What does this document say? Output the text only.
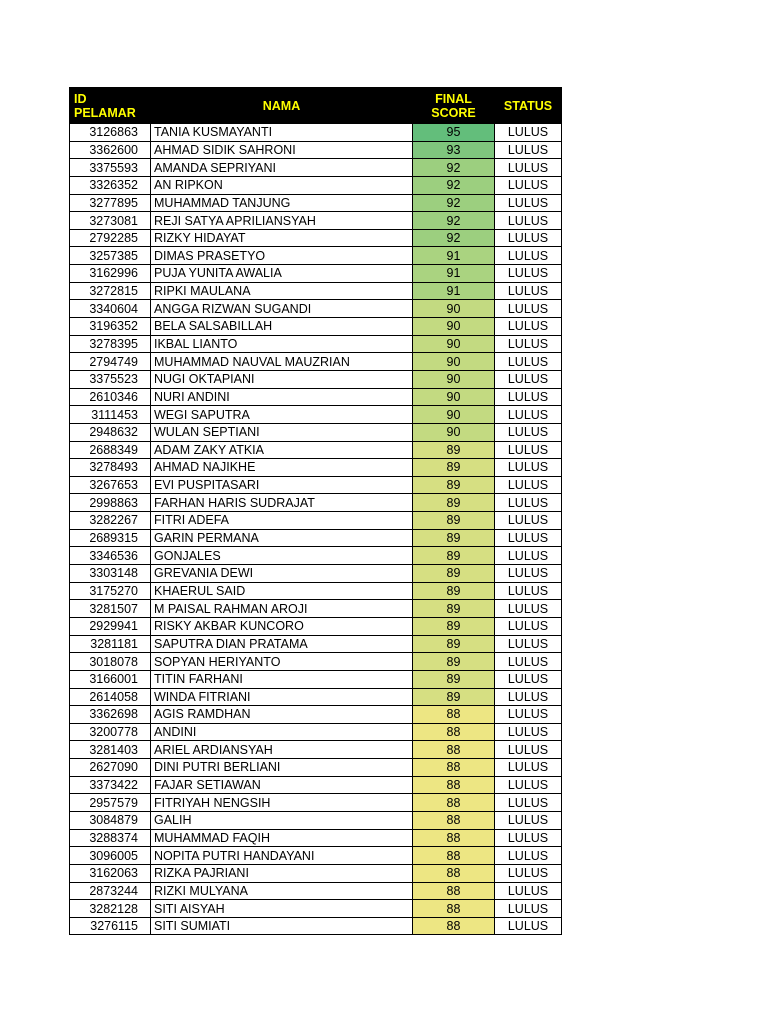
ID PELAMAR	NAMA	FINAL SCORE	STATUS
3126863	TANIA KUSMAYANTI	95	LULUS
3362600	AHMAD SIDIK SAHRONI	93	LULUS
3375593	AMANDA SEPRIYANI	92	LULUS
3326352	AN RIPKON	92	LULUS
3277895	MUHAMMAD TANJUNG	92	LULUS
3273081	REJI SATYA APRILIANSYAH	92	LULUS
2792285	RIZKY HIDAYAT	92	LULUS
3257385	DIMAS PRASETYO	91	LULUS
3162996	PUJA YUNITA AWALIA	91	LULUS
3272815	RIPKI MAULANA	91	LULUS
3340604	ANGGA RIZWAN SUGANDI	90	LULUS
3196352	BELA SALSABILLAH	90	LULUS
3278395	IKBAL LIANTO	90	LULUS
2794749	MUHAMMAD NAUVAL MAUZRIAN	90	LULUS
3375523	NUGI OKTAPIANI	90	LULUS
2610346	NURI ANDINI	90	LULUS
3111453	WEGI SAPUTRA	90	LULUS
2948632	WULAN SEPTIANI	90	LULUS
2688349	ADAM ZAKY ATKIA	89	LULUS
3278493	AHMAD NAJIKHE	89	LULUS
3267653	EVI PUSPITASARI	89	LULUS
2998863	FARHAN HARIS SUDRAJAT	89	LULUS
3282267	FITRI ADEFA	89	LULUS
2689315	GARIN PERMANA	89	LULUS
3346536	GONJALES	89	LULUS
3303148	GREVANIA DEWI	89	LULUS
3175270	KHAERUL SAID	89	LULUS
3281507	M PAISAL RAHMAN AROJI	89	LULUS
2929941	RISKY AKBAR KUNCORO	89	LULUS
3281181	SAPUTRA DIAN PRATAMA	89	LULUS
3018078	SOPYAN HERIYANTO	89	LULUS
3166001	TITIN FARHANI	89	LULUS
2614058	WINDA FITRIANI	89	LULUS
3362698	AGIS RAMDHAN	88	LULUS
3200778	ANDINI	88	LULUS
3281403	ARIEL ARDIANSYAH	88	LULUS
2627090	DINI PUTRI BERLIANI	88	LULUS
3373422	FAJAR SETIAWAN	88	LULUS
2957579	FITRIYAH NENGSIH	88	LULUS
3084879	GALIH	88	LULUS
3288374	MUHAMMAD FAQIH	88	LULUS
3096005	NOPITA PUTRI HANDAYANI	88	LULUS
3162063	RIZKA PAJRIANI	88	LULUS
2873244	RIZKI MULYANA	88	LULUS
3282128	SITI AISYAH	88	LULUS
3276115	SITI SUMIATI	88	LULUS
